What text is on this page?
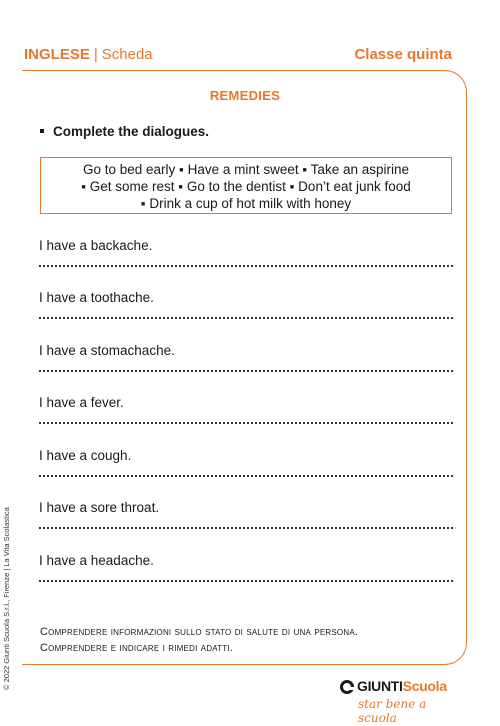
INGLESE | Scheda	Classe quinta
REMEDIES
Complete the dialogues.
Go to bed early ▪ Have a mint sweet ▪ Take an aspirine
▪ Get some rest ▪ Go to the dentist ▪ Don’t eat junk food
▪ Drink a cup of hot milk with honey
I have a backache.
I have a toothache.
I have a stomachache.
I have a fever.
I have a cough.
I have a sore throat.
I have a headache.
Comprendere informazioni sullo stato di salute di una persona.
Comprendere e indicare i rimedi adatti.
© 2022 Giunti Scuola S.r.l., Firenze | La Vita Scolastica	GIUNTIScuola
star bene a scuola
